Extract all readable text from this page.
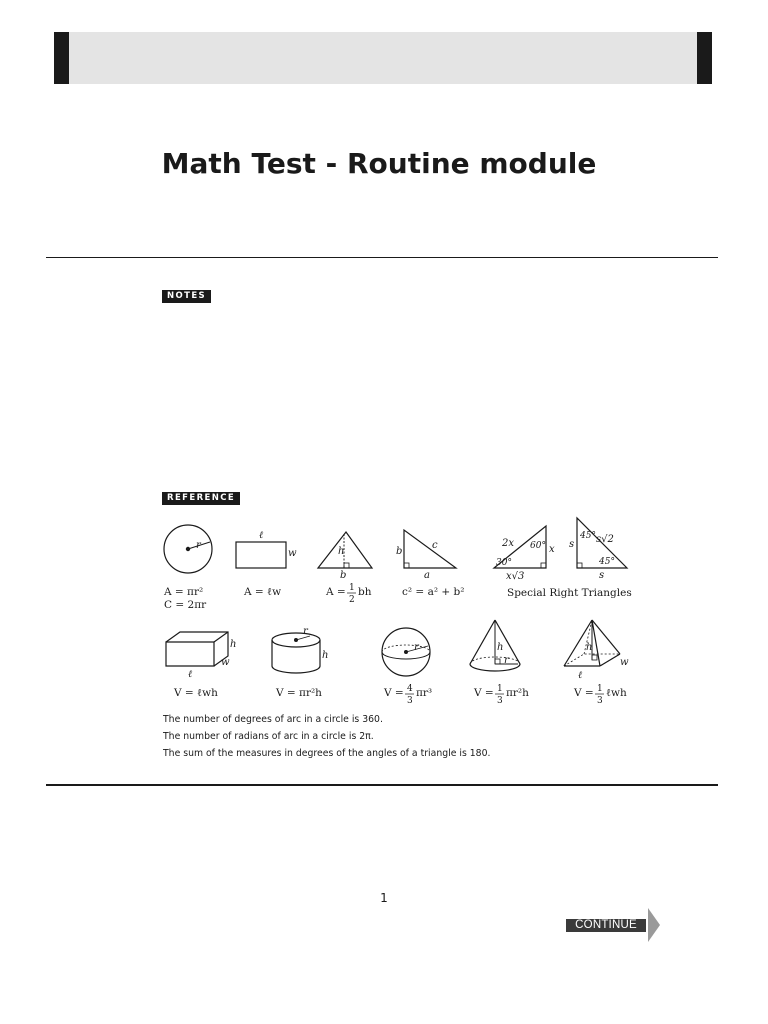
Math Test - Routine module
NOTES
REFERENCE
r
A = πr²
C = 2πr
ℓ
w
A = ℓw
h
b
A = 1
2
bh
b
c
a
c² = a² + b²
2x 60°
30°
x
x√3
s s√2
45°
45°
s
Special Right Triangles
h
w
ℓ
V = ℓwh
r
h
V = πr²h
r
V = 4
3
πr³
h
r
V = 1
3
πr²h
h
w
ℓ
V = 1
3
ℓwh
The number of degrees of arc in a circle is 360.
The number of radians of arc in a circle is 2π.
The sum of the measures in degrees of the angles of a triangle is 180.
1
CONTINUE
